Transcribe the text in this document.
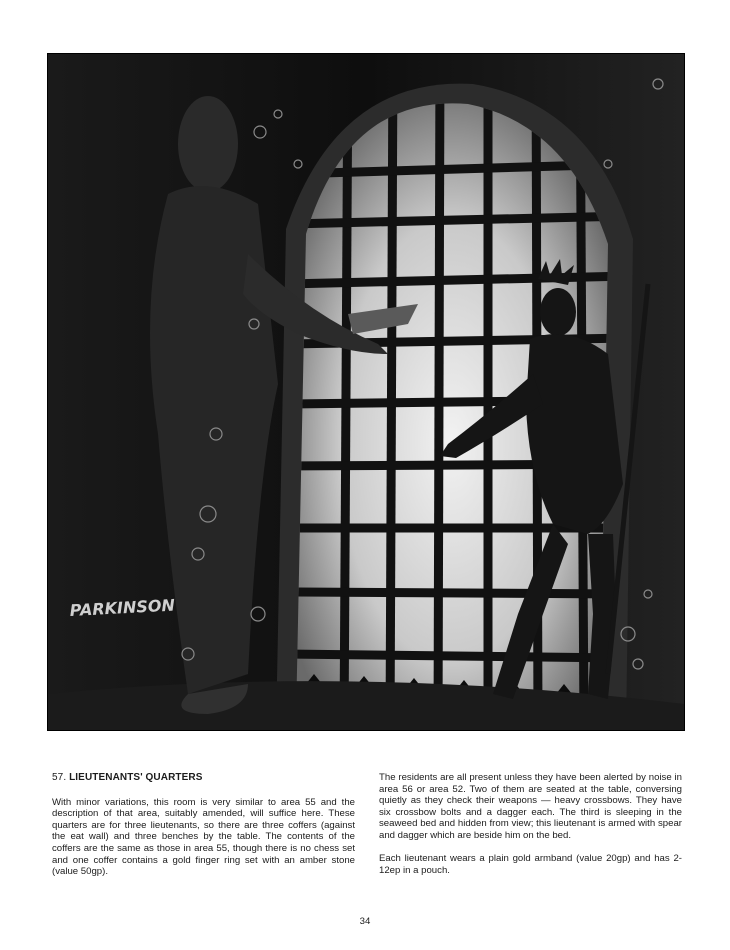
PARKINSON
57. LIEUTENANTS' QUARTERS

With minor variations, this room is very similar to area 55 and the description of that area, suitably amended, will suffice here. These quarters are for three lieutenants, so there are three coffers (against the eat wall) and three benches by the table. The contents of the coffers are the same as those in area 55, though there is no chess set and one coffer contains a gold finger ring set with an amber stone (value 50gp).

The residents are all present unless they have been alerted by noise in area 56 or area 52. Two of them are seated at the table, conversing quietly as they check their weapons — heavy crossbows. They have six crossbow bolts and a dagger each. The third is sleeping in the seaweed bed and hidden from view; this lieutenant is armed with spear and dagger which are beside him on the bed.

Each lieutenant wears a plain gold armband (value 20gp) and has 2-12ep in a pouch.

34
